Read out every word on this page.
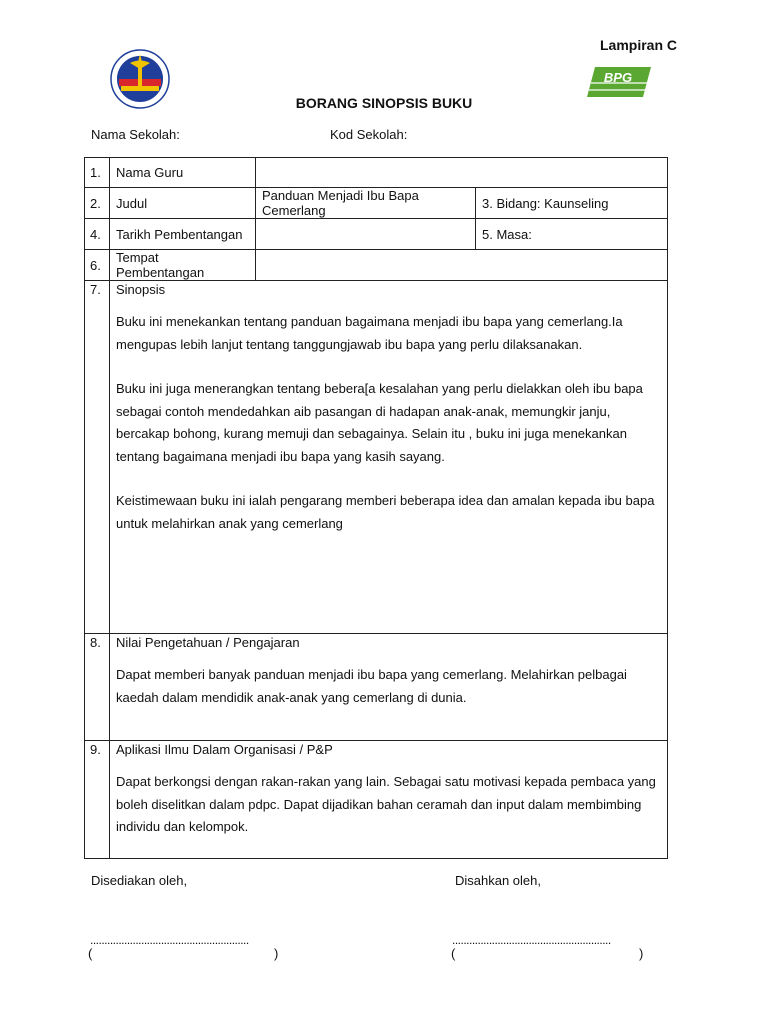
BPG
Lampiran C
BORANG SINOPSIS BUKU
Nama Sekolah:	Kod Sekolah:
1.	Nama Guru		
2.	Judul	Panduan Menjadi Ibu Bapa Cemerlang	3. Bidang: Kaunseling
4.	Tarikh Pembentangan		5. Masa:
6.	Tempat Pembentangan		
7.	Sinopsis
Buku ini menekankan tentang panduan bagaimana menjadi ibu bapa yang cemerlang.Ia mengupas lebih lanjut tentang tanggungjawab ibu bapa yang perlu dilaksanakan.
Buku ini juga menerangkan tentang bebera[a kesalahan yang perlu dielakkan oleh ibu bapa sebagai contoh mendedahkan aib pasangan di hadapan anak-anak, memungkir janju, bercakap bohong, kurang memuji dan sebagainya. Selain itu , buku ini juga menekankan tentang bagaimana menjadi ibu bapa yang kasih sayang.
Keistimewaan buku ini ialah pengarang memberi beberapa idea dan amalan kepada ibu bapa untuk melahirkan anak yang cemerlang		

8.	Nilai Pengetahuan / Pengajaran
Dapat memberi banyak panduan menjadi ibu bapa yang cemerlang. Melahirkan pelbagai kaedah dalam mendidik anak-anak yang cemerlang di dunia.		

9.	Aplikasi Ilmu Dalam Organisasi / P&P
Dapat berkongsi dengan rakan-rakan yang lain. Sebagai satu motivasi kepada pembaca yang boleh diselitkan dalam pdpc. Dapat dijadikan bahan ceramah dan input dalam membimbing individu dan kelompok.		
Disediakan oleh,	Disahkan oleh,
........................................................	........................................................
(	)	(	)
